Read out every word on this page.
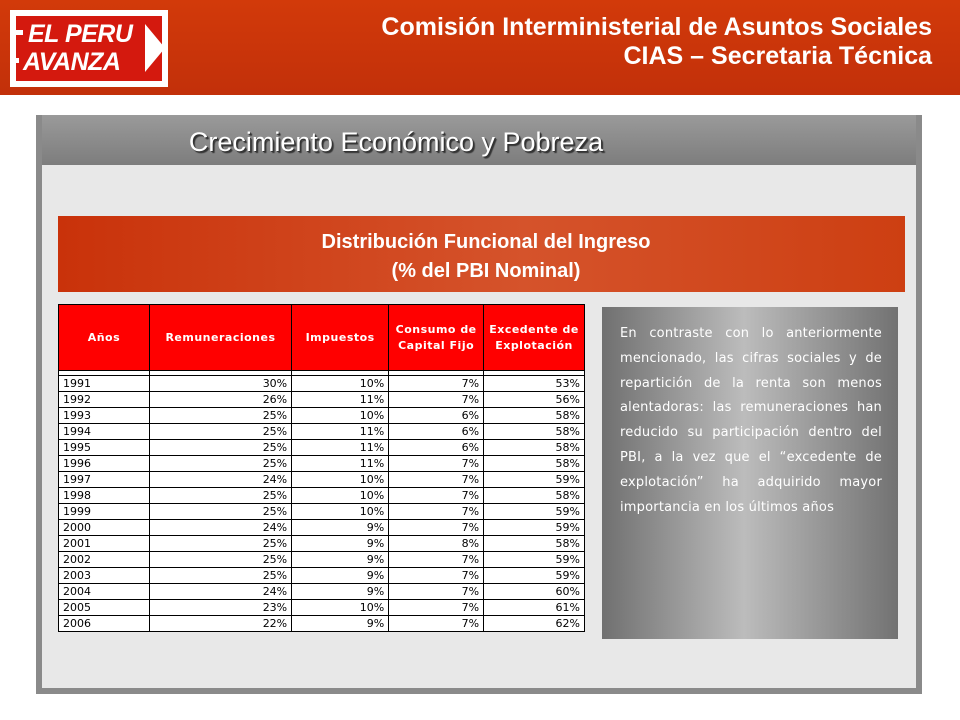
EL PERU
AVANZA
Comisión Interministerial de Asuntos Sociales
CIAS – Secretaria Técnica
Crecimiento Económico y Pobreza
Distribución Funcional del Ingreso
(% del PBI Nominal)
Años	Remuneraciones	Impuestos	Consumo de Capital Fijo	Excedente de Explotación

1991	30%	10%	7%	53%
1992	26%	11%	7%	56%
1993	25%	10%	6%	58%
1994	25%	11%	6%	58%
1995	25%	11%	6%	58%
1996	25%	11%	7%	58%
1997	24%	10%	7%	59%
1998	25%	10%	7%	58%
1999	25%	10%	7%	59%
2000	24%	9%	7%	59%
2001	25%	9%	8%	58%
2002	25%	9%	7%	59%
2003	25%	9%	7%	59%
2004	24%	9%	7%	60%
2005	23%	10%	7%	61%
2006	22%	9%	7%	62%
En contraste con lo anteriormente mencionado, las cifras sociales y de repartición de la renta son menos alentadoras: las remuneraciones han reducido su participación dentro del PBI, a la vez que el “excedente de explotación” ha adquirido mayor importancia en los últimos años
